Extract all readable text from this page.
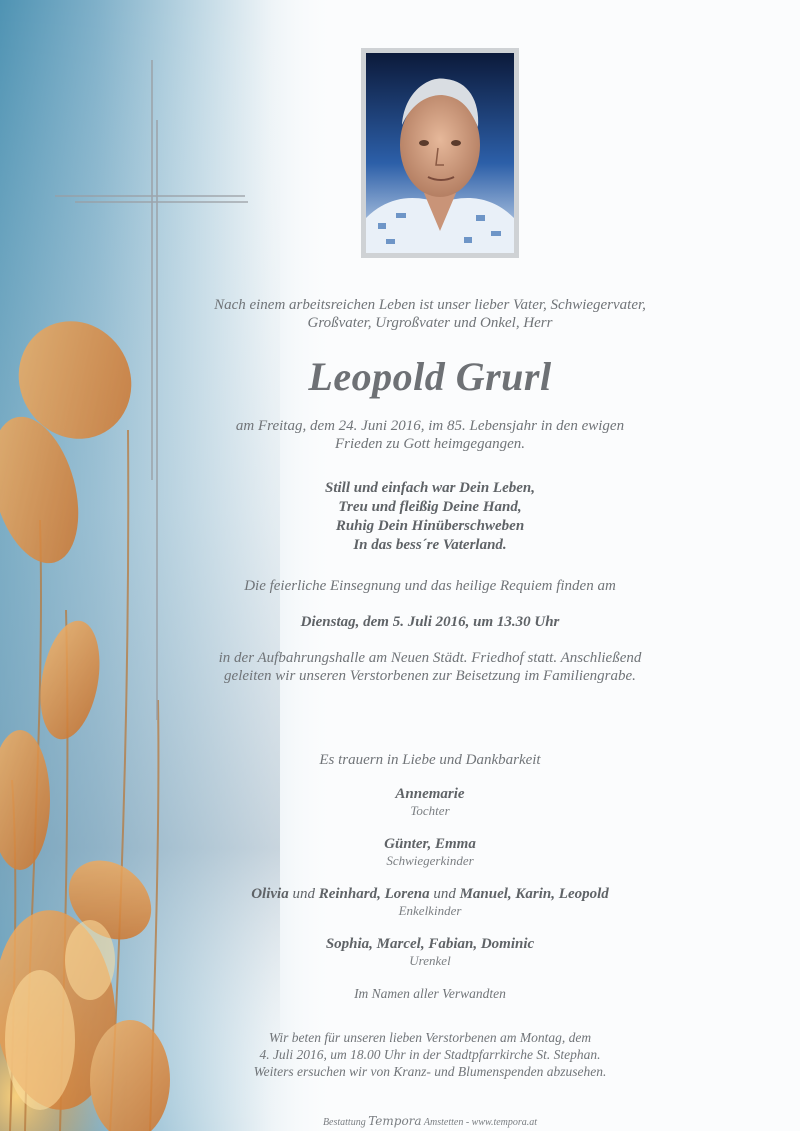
Nach einem arbeitsreichen Leben ist unser lieber Vater, Schwiegervater,
Großvater, Urgroßvater und Onkel, Herr
Leopold Grurl
am Freitag, dem 24. Juni 2016, im 85. Lebensjahr in den ewigen
Frieden zu Gott heimgegangen.
Still und einfach war Dein Leben,
Treu und fleißig Deine Hand,
Ruhig Dein Hinüberschweben
In das bess´re Vaterland.
Die feierliche Einsegnung und das heilige Requiem finden am
Dienstag, dem 5. Juli 2016, um 13.30 Uhr
in der Aufbahrungshalle am Neuen Städt. Friedhof statt. Anschließend
geleiten wir unseren Verstorbenen zur Beisetzung im Familiengrabe.
Es trauern in Liebe und Dankbarkeit
Annemarie
Tochter
Günter, Emma
Schwiegerkinder
Olivia und Reinhard, Lorena und Manuel, Karin, Leopold
Enkelkinder
Sophia, Marcel, Fabian, Dominic
Urenkel
Im Namen aller Verwandten
Wir beten für unseren lieben Verstorbenen am Montag, dem
4. Juli 2016, um 18.00 Uhr in der Stadtpfarrkirche St. Stephan.
Weiters ersuchen wir von Kranz- und Blumenspenden abzusehen.
Bestattung Tempora Amstetten - www.tempora.at
